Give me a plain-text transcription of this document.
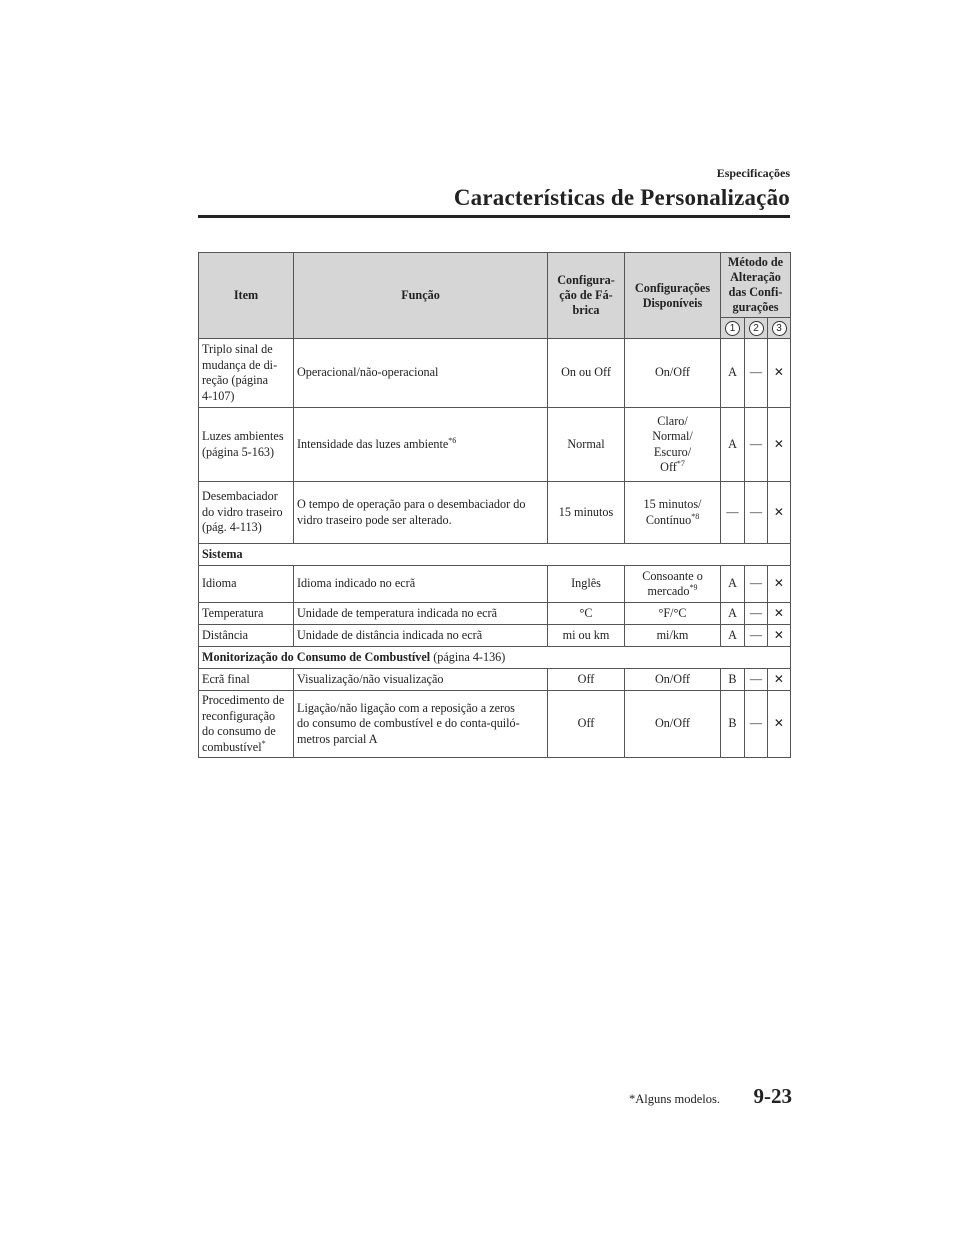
Especificações
Características de Personalização
Item	Função	Configura-
ção de Fá-
brica	Configurações
Disponíveis	Método de
Alteração
das Confi-
gurações		
				1	2	3
Triplo sinal de
mudança de di-
reção (página
4-107)	Operacional/não-operacional	On ou Off	On/Off	A	—	✕
Luzes ambientes
(página 5-163)	Intensidade das luzes ambiente$^{*6}$	Normal	Claro/
Normal/
Escuro/
Off$^{*7}$	A	—	✕
Desembaciador
do vidro traseiro
(pág. 4-113)	O tempo de operação para o desembaciador do
vidro traseiro pode ser alterado.	15 minutos	15 minutos/
Contínuo$^{*8}$	—	—	✕
Sistema						
Idioma	Idioma indicado no ecrã	Inglês	Consoante o
mercado$^{*9}$	A	—	✕
Temperatura	Unidade de temperatura indicada no ecrã	°C	°F/°C	A	—	✕
Distância	Unidade de distância indicada no ecrã	mi ou km	mi/km	A	—	✕
Monitorização do Consumo de Combustível (página 4-136)						
Ecrã final	Visualização/não visualização	Off	On/Off	B	—	✕
Procedimento de
reconfiguração
do consumo de
combustível*	Ligação/não ligação com a reposição a zeros
do consumo de combustível e do conta-quiló-
metros parcial A	Off	On/Off	B	—	✕
*Alguns modelos.	9-23
